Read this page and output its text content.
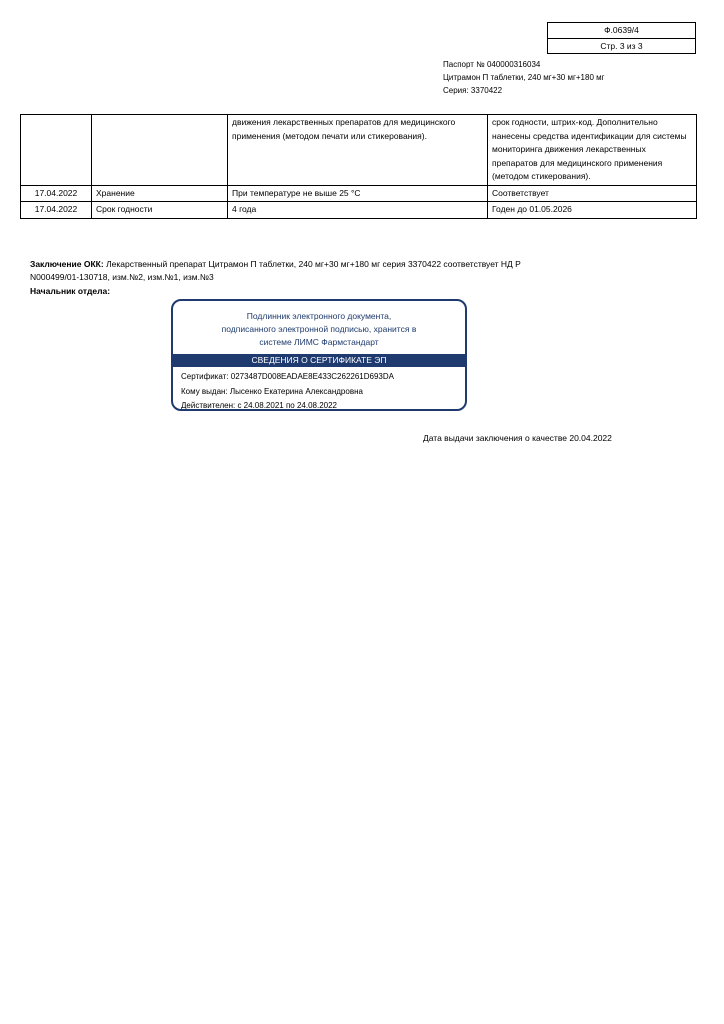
Ф.0639/4
Стр. 3 из 3
Паспорт № 040000316034
Цитрамон П таблетки, 240 мг+30 мг+180 мг
Серия: 3370422
		движения лекарственных препаратов для медицинского применения (методом печати или стикерования).	срок годности, штрих-код. Дополнительно нанесены средства идентификации для системы мониторинга движения лекарственных препаратов для медицинского применения (методом стикерования).
17.04.2022	Хранение	При температуре не выше 25 °С	Соответствует
17.04.2022	Срок годности	4 года	Годен до 01.05.2026
Заключение ОКК: Лекарственный препарат Цитрамон П таблетки, 240 мг+30 мг+180 мг серия 3370422 соответствует НД Р N000499/01-130718, изм.№2, изм.№1, изм.№3
Начальник отдела:
Подлинник электронного документа,
подписанного электронной подписью, хранится в
системе ЛИМС Фармстандарт
СВЕДЕНИЯ О СЕРТИФИКАТЕ ЭП
Сертификат: 0273487D008EADAE8E433C262261D693DA
Кому выдан: Лысенко Екатерина Александровна
Действителен: с 24.08.2021 по 24.08.2022
Дата выдачи заключения о качестве 20.04.2022
